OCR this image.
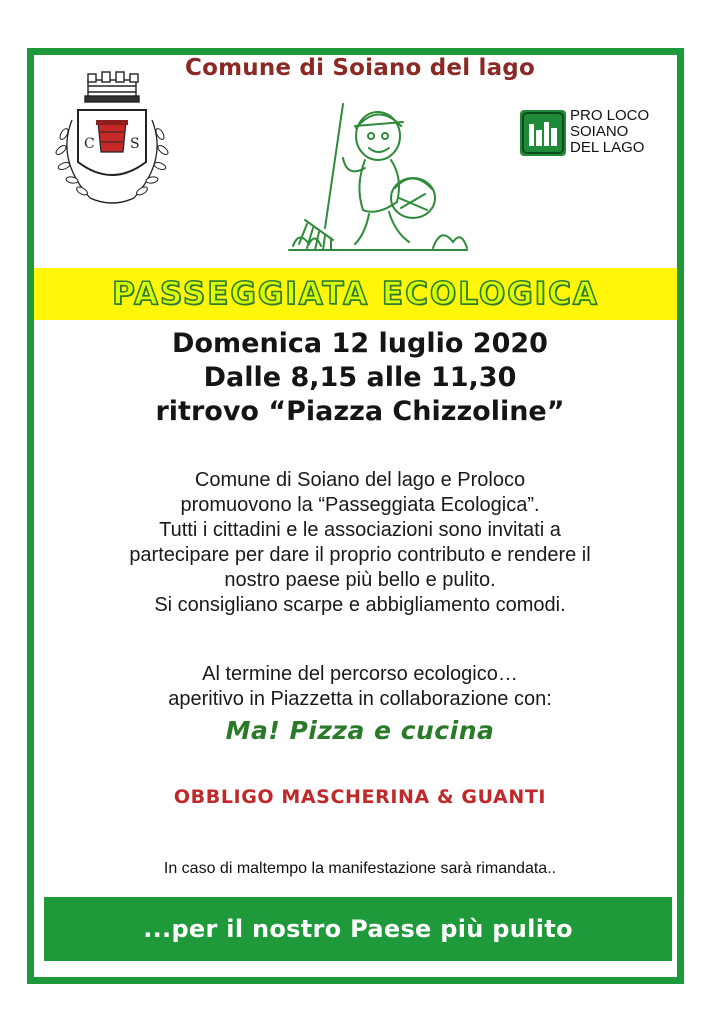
Comune di Soiano del lago
C	S
PRO LOCO
SOIANO
DEL LAGO
PASSEGGIATA ECOLOGICA
Domenica 12 luglio 2020
Dalle 8,15 alle 11,30
ritrovo “Piazza Chizzoline”
Comune di Soiano del lago e Proloco
promuovono la “Passeggiata Ecologica”.
Tutti i cittadini e le associazioni sono invitati a
partecipare per dare il proprio contributo e rendere il
nostro paese più bello e pulito.
Si consigliano scarpe e abbigliamento comodi.
Al termine del percorso ecologico…
aperitivo in Piazzetta in collaborazione con:
Ma! Pizza e cucina
OBBLIGO MASCHERINA & GUANTI
In caso di maltempo la manifestazione sarà rimandata..
...per il nostro Paese più pulito
